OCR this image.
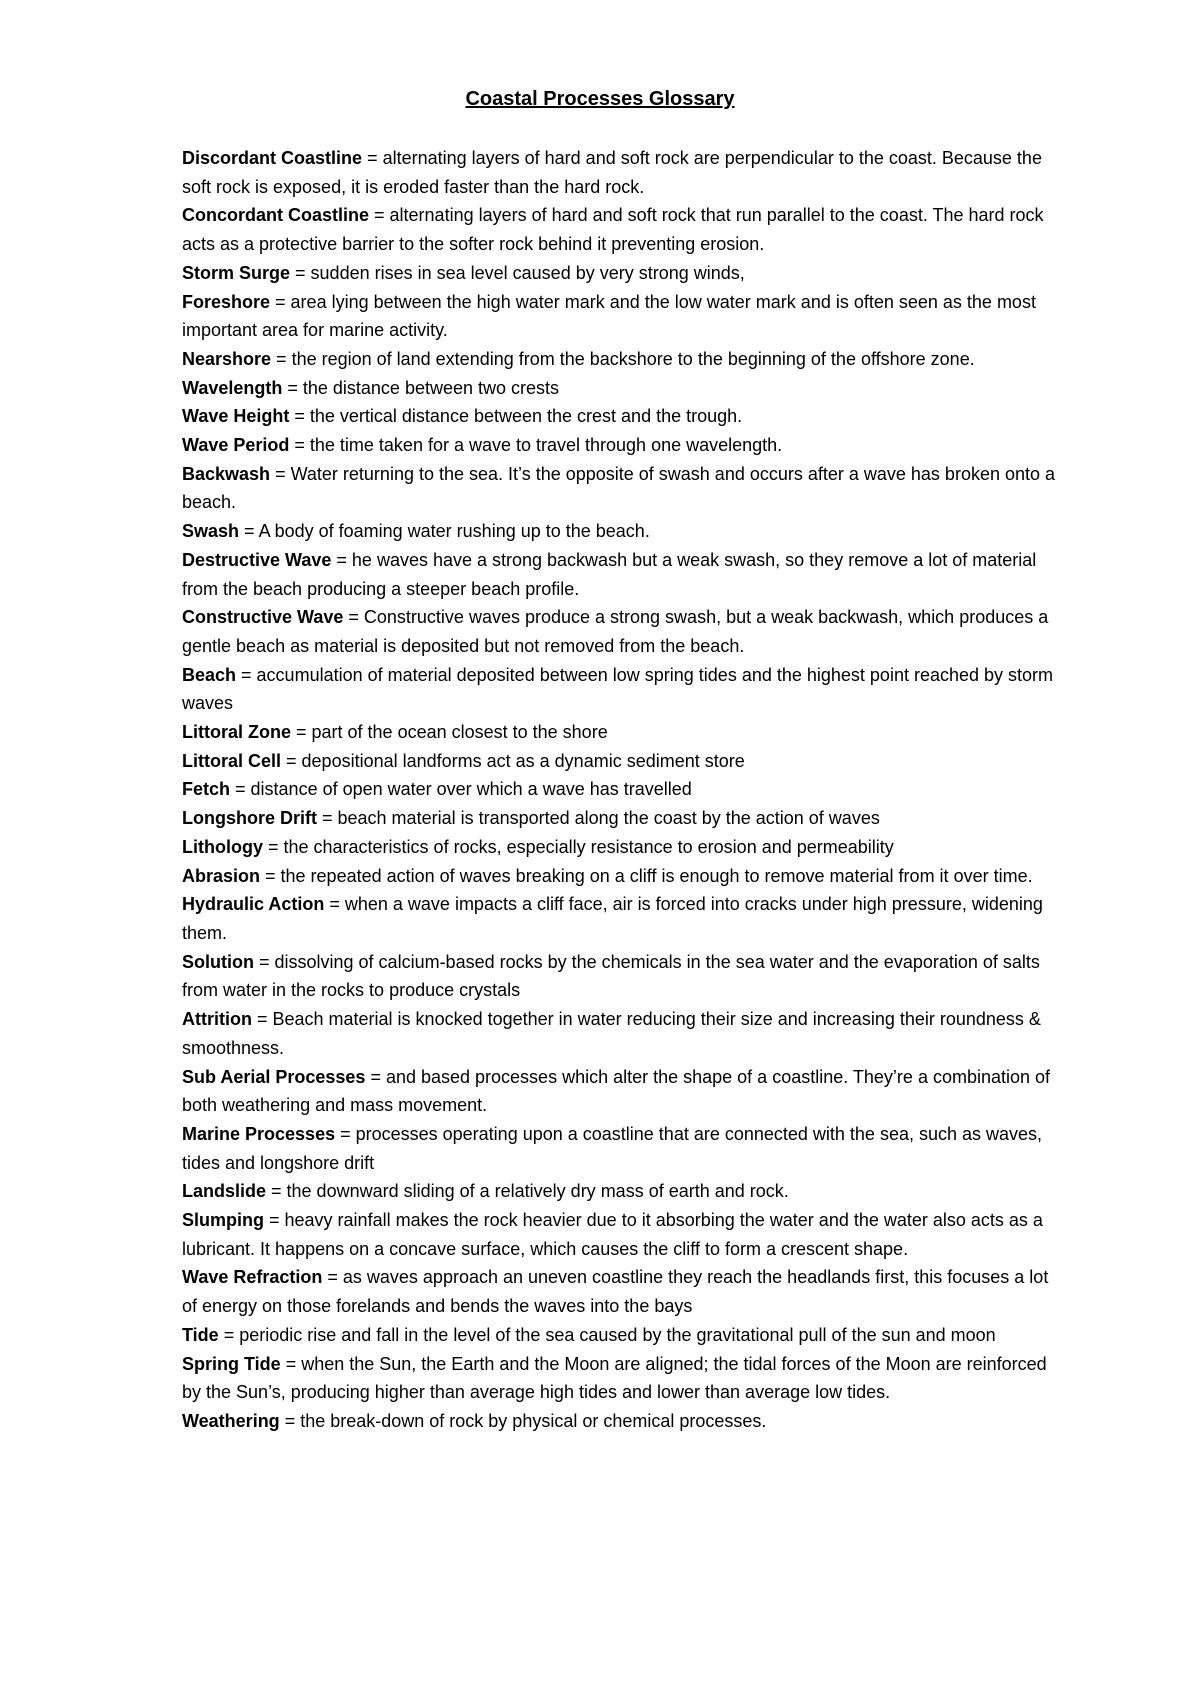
Coastal Processes Glossary
Discordant Coastline = alternating layers of hard and soft rock are perpendicular to the coast. Because the soft rock is exposed, it is eroded faster than the hard rock.
Concordant Coastline = alternating layers of hard and soft rock that run parallel to the coast. The hard rock acts as a protective barrier to the softer rock behind it preventing erosion.
Storm Surge = sudden rises in sea level caused by very strong winds,
Foreshore = area lying between the high water mark and the low water mark and is often seen as the most important area for marine activity.
Nearshore = the region of land extending from the backshore to the beginning of the offshore zone.
Wavelength = the distance between two crests
Wave Height = the vertical distance between the crest and the trough.
Wave Period = the time taken for a wave to travel through one wavelength.
Backwash = Water returning to the sea. It’s the opposite of swash and occurs after a wave has broken onto a beach.
Swash = A body of foaming water rushing up to the beach.
Destructive Wave = he waves have a strong backwash but a weak swash, so they remove a lot of material from the beach producing a steeper beach profile.
Constructive Wave = Constructive waves produce a strong swash, but a weak backwash, which produces a gentle beach as material is deposited but not removed from the beach.
Beach = accumulation of material deposited between low spring tides and the highest point reached by storm waves
Littoral Zone = part of the ocean closest to the shore
Littoral Cell = depositional landforms act as a dynamic sediment store
Fetch = distance of open water over which a wave has travelled
Longshore Drift = beach material is transported along the coast by the action of waves
Lithology = the characteristics of rocks, especially resistance to erosion and permeability
Abrasion = the repeated action of waves breaking on a cliff is enough to remove material from it over time.
Hydraulic Action = when a wave impacts a cliff face, air is forced into cracks under high pressure, widening them.
Solution = dissolving of calcium-based rocks by the chemicals in the sea water and the evaporation of salts from water in the rocks to produce crystals
Attrition = Beach material is knocked together in water reducing their size and increasing their roundness & smoothness.
Sub Aerial Processes = and based processes which alter the shape of a coastline. They’re a combination of both weathering and mass movement.
Marine Processes = processes operating upon a coastline that are connected with the sea, such as waves, tides and longshore drift
Landslide = the downward sliding of a relatively dry mass of earth and rock.
Slumping = heavy rainfall makes the rock heavier due to it absorbing the water and the water also acts as a lubricant. It happens on a concave surface, which causes the cliff to form a crescent shape.
Wave Refraction = as waves approach an uneven coastline they reach the headlands first, this focuses a lot of energy on those forelands and bends the waves into the bays
Tide = periodic rise and fall in the level of the sea caused by the gravitational pull of the sun and moon
Spring Tide = when the Sun, the Earth and the Moon are aligned; the tidal forces of the Moon are reinforced by the Sun’s, producing higher than average high tides and lower than average low tides.
Weathering = the break-down of rock by physical or chemical processes.
